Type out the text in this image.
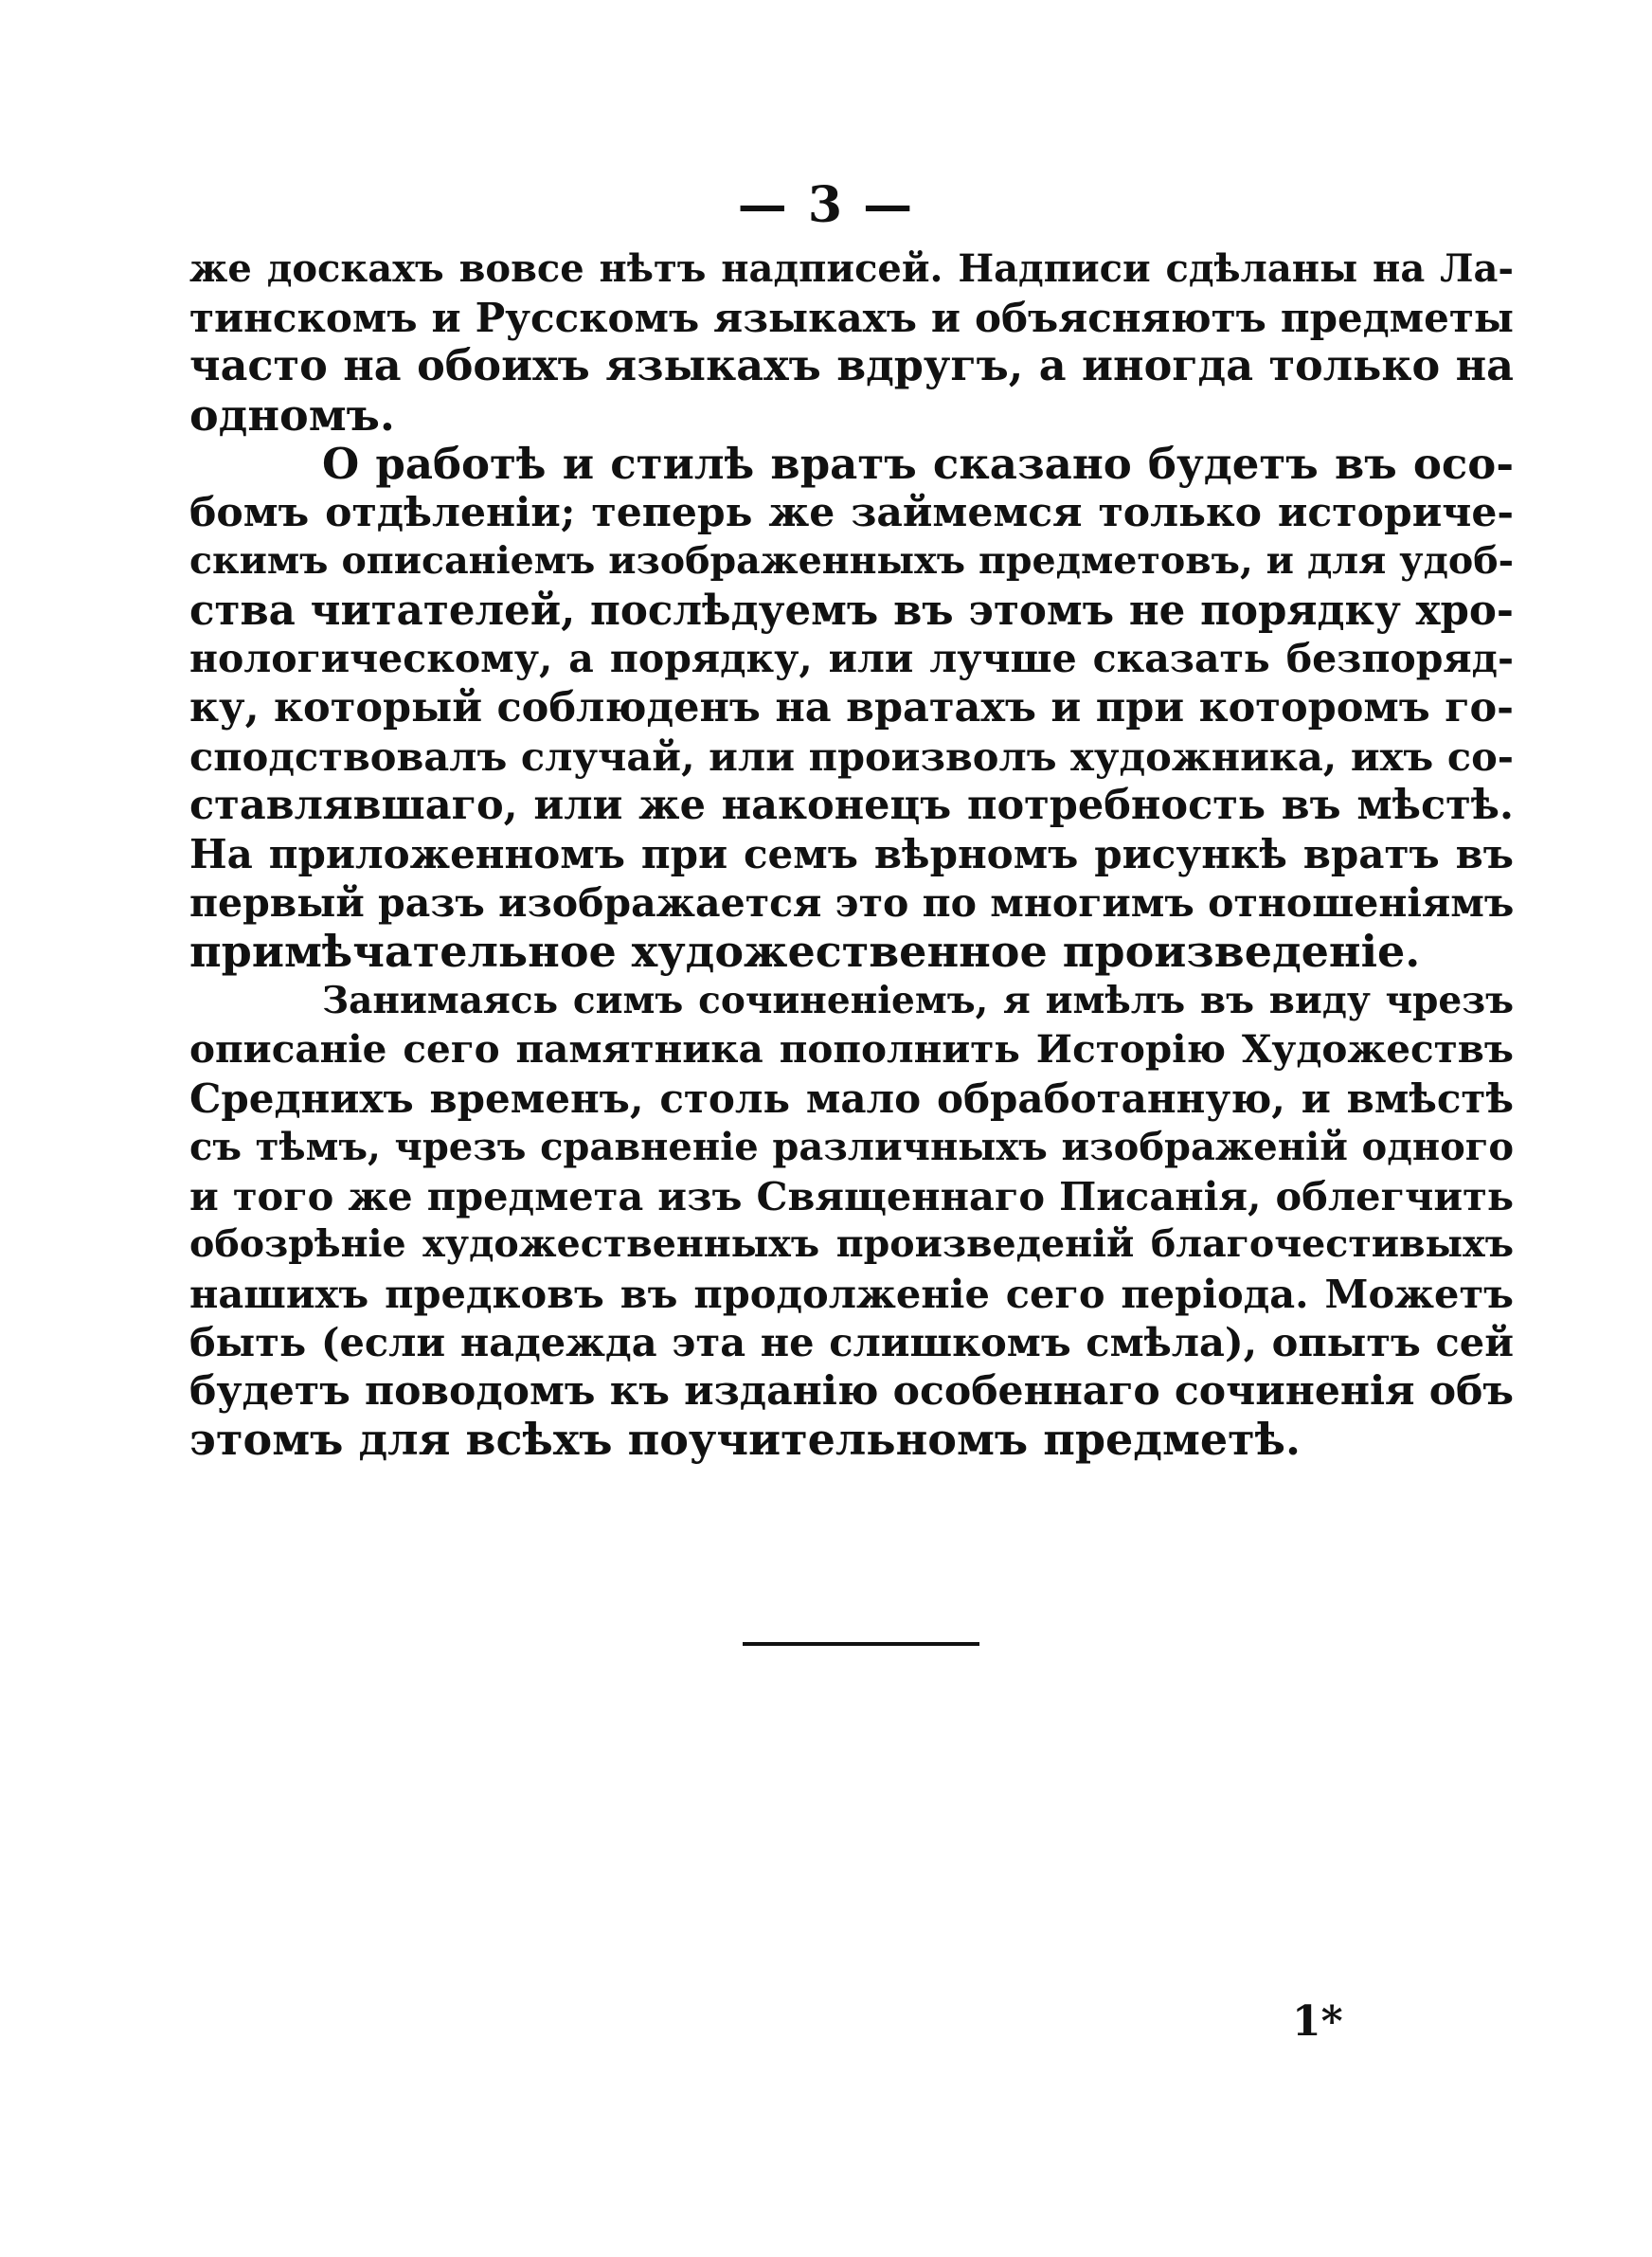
— 3 —
же доскахъ вовсе нѣтъ надписей. Надписи сдѣланы на Ла-
тинскомъ и Русскомъ языкахъ и объясняютъ предметы
часто на обоихъ языкахъ вдругъ, а иногда только на
одномъ.
О работѣ и стилѣ вратъ сказано будетъ въ осо-
бомъ отдѣленіи; теперь же займемся только историче-
скимъ описаніемъ изображенныхъ предметовъ, и для удоб-
ства читателей, послѣдуемъ въ этомъ не порядку хро-
нологическому, а порядку, или лучше сказать безпоряд-
ку, который соблюденъ на вратахъ и при которомъ го-
сподствовалъ случай, или произволъ художника, ихъ со-
ставлявшаго, или же наконецъ потребность въ мѣстѣ.
На приложенномъ при семъ вѣрномъ рисункѣ вратъ въ
первый разъ изображается это по многимъ отношеніямъ
примѣчательное художественное произведеніе.
Занимаясь симъ сочиненіемъ, я имѣлъ въ виду чрезъ
описаніе сего памятника пополнить Исторію Художествъ
Среднихъ временъ, столь мало обработанную, и вмѣстѣ
съ тѣмъ, чрезъ сравненіе различныхъ изображеній одного
и того же предмета изъ Священнаго Писанія, облегчить
обозрѣніе художественныхъ произведеній благочестивыхъ
нашихъ предковъ въ продолженіе сего періода. Можетъ
быть (если надежда эта не слишкомъ смѣла), опытъ сей
будетъ поводомъ къ изданію особеннаго сочиненія объ
этомъ для всѣхъ поучительномъ предметѣ.
1*
